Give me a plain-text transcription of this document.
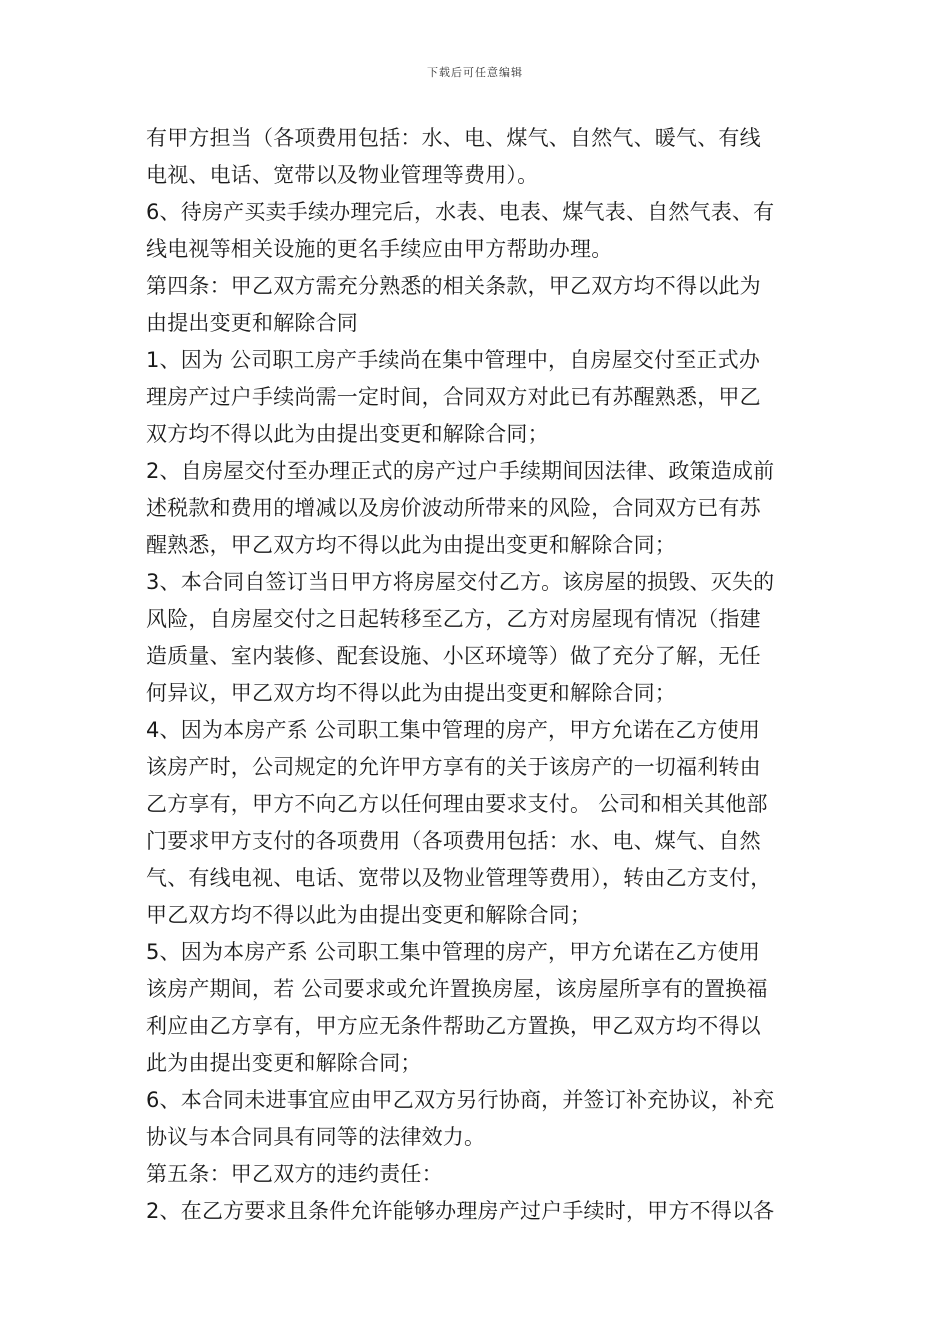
下载后可任意编辑
有甲方担当（各项费用包括：水、电、煤气、自然气、暖气、有线
电视、电话、宽带以及物业管理等费用）。
6、待房产买卖手续办理完后，水表、电表、煤气表、自然气表、有
线电视等相关设施的更名手续应由甲方帮助办理。
第四条：甲乙双方需充分熟悉的相关条款，甲乙双方均不得以此为
由提出变更和解除合同
1、因为 公司职工房产手续尚在集中管理中，自房屋交付至正式办
理房产过户手续尚需一定时间，合同双方对此已有苏醒熟悉，甲乙
双方均不得以此为由提出变更和解除合同；
2、自房屋交付至办理正式的房产过户手续期间因法律、政策造成前
述税款和费用的增减以及房价波动所带来的风险，合同双方已有苏
醒熟悉，甲乙双方均不得以此为由提出变更和解除合同；
3、本合同自签订当日甲方将房屋交付乙方。该房屋的损毁、灭失的
风险，自房屋交付之日起转移至乙方，乙方对房屋现有情况（指建
造质量、室内装修、配套设施、小区环境等）做了充分了解，无任
何异议，甲乙双方均不得以此为由提出变更和解除合同；
4、因为本房产系 公司职工集中管理的房产，甲方允诺在乙方使用
该房产时，公司规定的允许甲方享有的关于该房产的一切福利转由
乙方享有，甲方不向乙方以任何理由要求支付。 公司和相关其他部
门要求甲方支付的各项费用（各项费用包括：水、电、煤气、自然
气、有线电视、电话、宽带以及物业管理等费用），转由乙方支付，
甲乙双方均不得以此为由提出变更和解除合同；
5、因为本房产系 公司职工集中管理的房产，甲方允诺在乙方使用
该房产期间，若 公司要求或允许置换房屋，该房屋所享有的置换福
利应由乙方享有，甲方应无条件帮助乙方置换，甲乙双方均不得以
此为由提出变更和解除合同；
6、本合同未进事宜应由甲乙双方另行协商，并签订补充协议，补充
协议与本合同具有同等的法律效力。
第五条：甲乙双方的违约责任：
2、在乙方要求且条件允许能够办理房产过户手续时，甲方不得以各
